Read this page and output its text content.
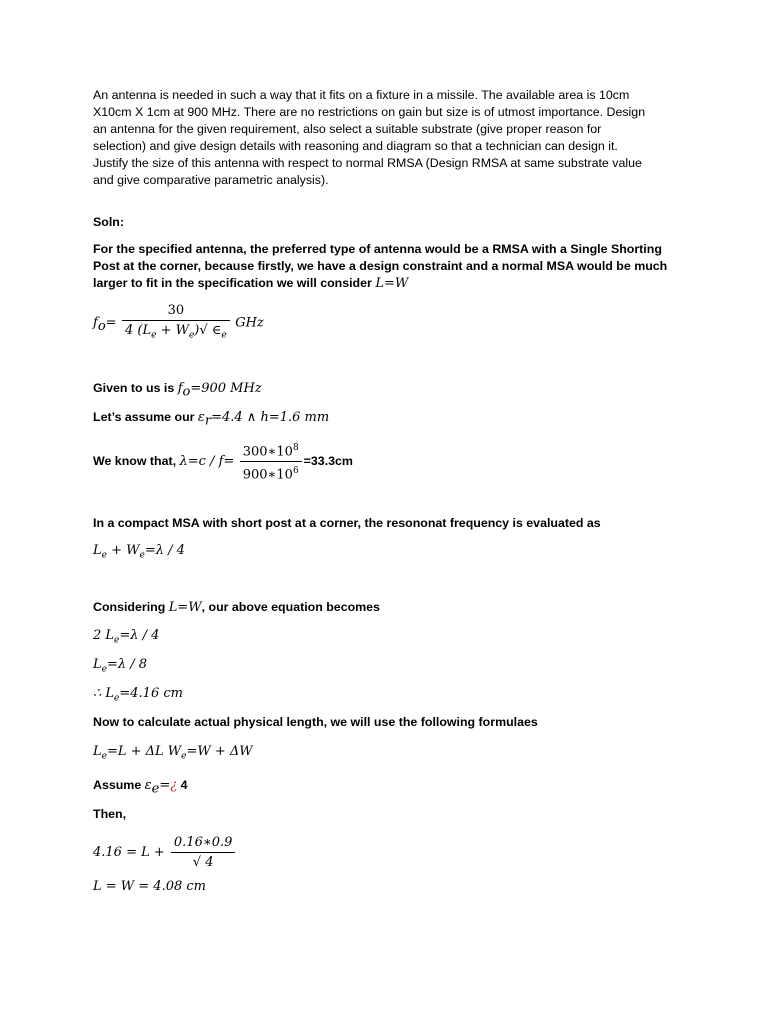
An antenna is needed in such a way that it fits on a fixture in a missile. The available area is 10cm
X10cm X 1cm at 900 MHz. There are no restrictions on gain but size is of utmost importance. Design
an antenna for the given requirement, also select a suitable substrate (give proper reason for
selection) and give design details with reasoning and diagram so that a technician can design it.
Justify the size of this antenna with respect to normal RMSA (Design RMSA at same substrate value
and give comparative parametric analysis).
Soln:
For the specified antenna, the preferred type of antenna would be a RMSA with a Single Shorting
Post at the corner, because firstly, we have a design constraint and a normal MSA would be much
larger to fit in the specification we will consider L=W
$f_o= \frac{30}{4 (L_e + W_e)√ \in_e}$ GHz
Given to us is $f_o=900$ MHz
Let’s assume our $\varepsilon_r=4.4$ ∧ h=1.6 mm
We know that, $\lambda=c / f= \frac{300∗10^8}{900∗10^6} =33.3cm$
In a compact MSA with short post at a corner, the resononat frequency is evaluated as
$L_e + W_e=\lambda / 4$
Considering L=W, our above equation becomes
2 $L_e=\lambda / 4$
$L_e=\lambda / 8$
∴ $L_e=4.16$ cm
Now to calculate actual physical length, we will use the following formulaes
$L_e=L + \Delta L$ $W_e=W + \Delta W$
Assume $\varepsilon_e=¿$ 4
Then,
$4.16 = L + \frac{0.16∗0.9}{√ 4}$
L = W = 4.08 cm
